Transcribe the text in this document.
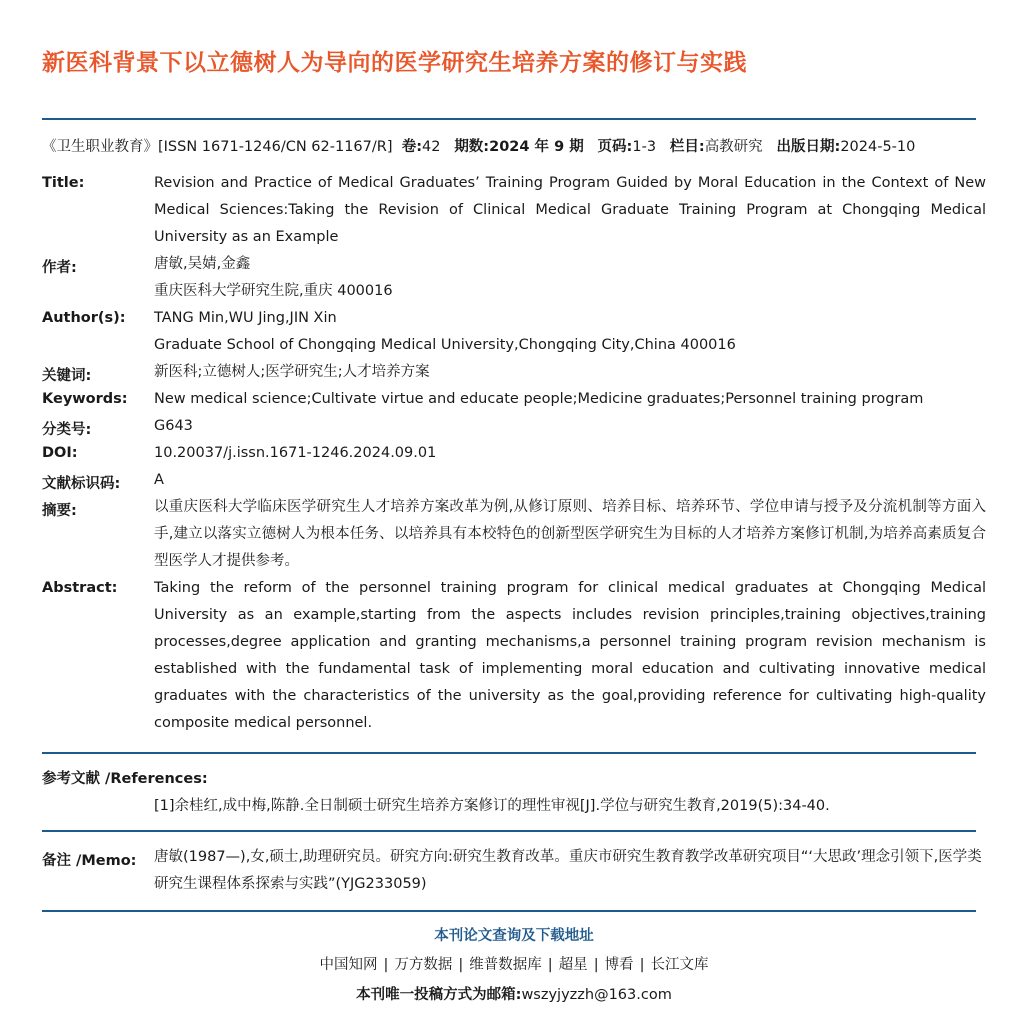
新医科背景下以立德树人为导向的医学研究生培养方案的修订与实践
《卫生职业教育》[ISSN 1671-1246/CN 62-1167/R] 卷:42 期数:2024 年 9 期 页码:1-3 栏目:高教研究 出版日期:2024-5-10
Title:	Revision and Practice of Medical Graduates’ Training Program Guided by Moral Education in the Context of New Medical Sciences:Taking the Revision of Clinical Medical Graduate Training Program at Chongqing Medical University as an Example
作者:	唐敏,吴婧,金鑫
重庆医科大学研究生院,重庆 400016
Author(s): TANG Min,WU Jing,JIN Xin
Graduate School of Chongqing Medical University,Chongqing City,China 400016
关键词:	新医科;立德树人;医学研究生;人才培养方案
Keywords: New medical science;Cultivate virtue and educate people;Medicine graduates;Personnel training program
分类号:	G643
DOI:	10.20037/j.issn.1671-1246.2024.09.01
文献标识码: A
摘要:	以重庆医科大学临床医学研究生人才培养方案改革为例,从修订原则、培养目标、培养环节、学位申请与授予及分流机制等方面入手,建立以落实立德树人为根本任务、以培养具有本校特色的创新型医学研究生为目标的人才培养方案修订机制,为培养高素质复合型医学人才提供参考。
Abstract:	Taking the reform of the personnel training program for clinical medical graduates at Chongqing Medical University as an example,starting from the aspects includes revision principles,training objectives,training processes,degree application and granting mechanisms,a personnel training program revision mechanism is established with the fundamental task of implementing moral education and cultivating innovative medical graduates with the characteristics of the university as the goal,providing reference for cultivating high-quality composite medical personnel.
参考文献 /References:
[1]余桂红,成中梅,陈静.全日制硕士研究生培养方案修订的理性审视[J].学位与研究生教育,2019(5):34-40.
备注 /Memo: 唐敏(1987—),女,硕士,助理研究员。研究方向:研究生教育改革。重庆市研究生教育教学改革研究项目“‘大思政’理念引领下,医学类研究生课程体系探索与实践”(YJG233059)
本刊论文查询及下载地址
中国知网 | 万方数据 | 维普数据库 | 超星 | 博看 | 长江文库
本刊唯一投稿方式为邮箱:wszyjyzzh@163.com
